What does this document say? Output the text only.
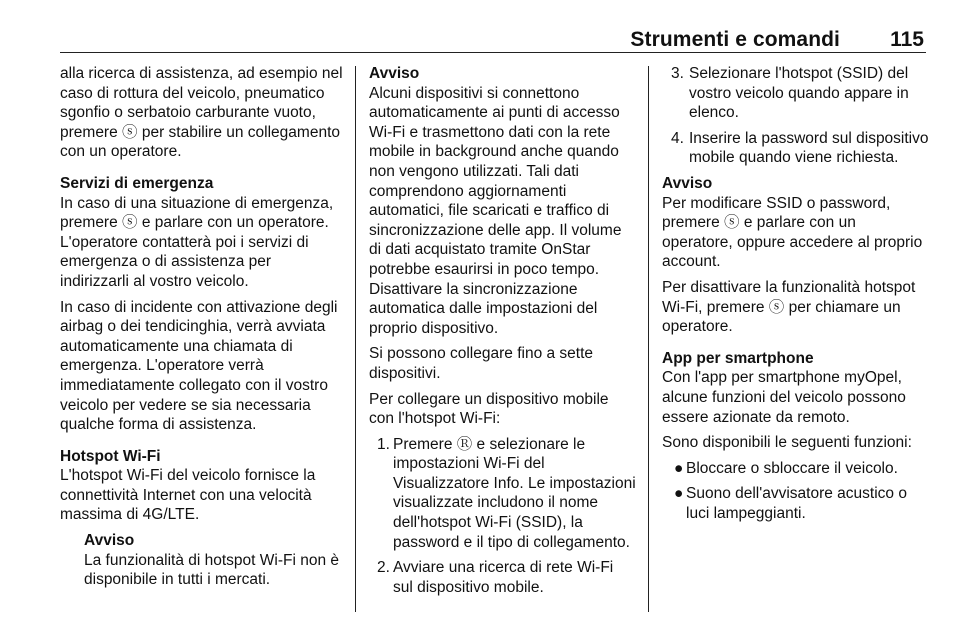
Strumenti e comandi 115

alla ricerca di assistenza, ad esempio nel caso di rottura del veicolo, pneumatico sgonfio o serbatoio carburante vuoto, premere ⓢ per stabilire un collegamento con un operatore.

Servizi di emergenza

In caso di una situazione di emergenza, premere ⓢ e parlare con un operatore. L'operatore contatterà poi i servizi di emergenza o di assistenza per indirizzarli al vostro veicolo.

In caso di incidente con attivazione degli airbag o dei tendicinghia, verrà avviata automaticamente una chiamata di emergenza. L'operatore verrà immediatamente collegato con il vostro veicolo per vedere se sia necessaria qualche forma di assistenza.

Hotspot Wi-Fi

L'hotspot Wi-Fi del veicolo fornisce la connettività Internet con una velocità massima di 4G/LTE.

Avviso
La funzionalità di hotspot Wi-Fi non è disponibile in tutti i mercati.
Avviso
Alcuni dispositivi si connettono automaticamente ai punti di accesso Wi-Fi e trasmettono dati con la rete mobile in background anche quando non vengono utilizzati. Tali dati comprendono aggiornamenti automatici, file scaricati e traffico di sincronizzazione delle app. Il volume di dati acquistato tramite OnStar potrebbe esaurirsi in poco tempo. Disattivare la sincronizzazione automatica dalle impostazioni del proprio dispositivo.

Si possono collegare fino a sette dispositivi.

Per collegare un dispositivo mobile con l'hotspot Wi-Fi:

1. Premere Ⓡ e selezionare le impostazioni Wi-Fi del Visualizzatore Info. Le impostazioni visualizzate includono il nome dell'hotspot Wi-Fi (SSID), la password e il tipo di collegamento.
2. Avviare una ricerca di rete Wi-Fi sul dispositivo mobile.
3. Selezionare l'hotspot (SSID) del vostro veicolo quando appare in elenco.
4. Inserire la password sul dispositivo mobile quando viene richiesta.
Avviso
Per modificare SSID o password, premere ⓢ e parlare con un operatore, oppure accedere al proprio account.

Per disattivare la funzionalità hotspot Wi-Fi, premere ⓢ per chiamare un operatore.

App per smartphone

Con l'app per smartphone myOpel, alcune funzioni del veicolo possono essere azionate da remoto.

Sono disponibili le seguenti funzioni:

● Bloccare o sbloccare il veicolo.
● Suono dell'avvisatore acustico o luci lampeggianti.
